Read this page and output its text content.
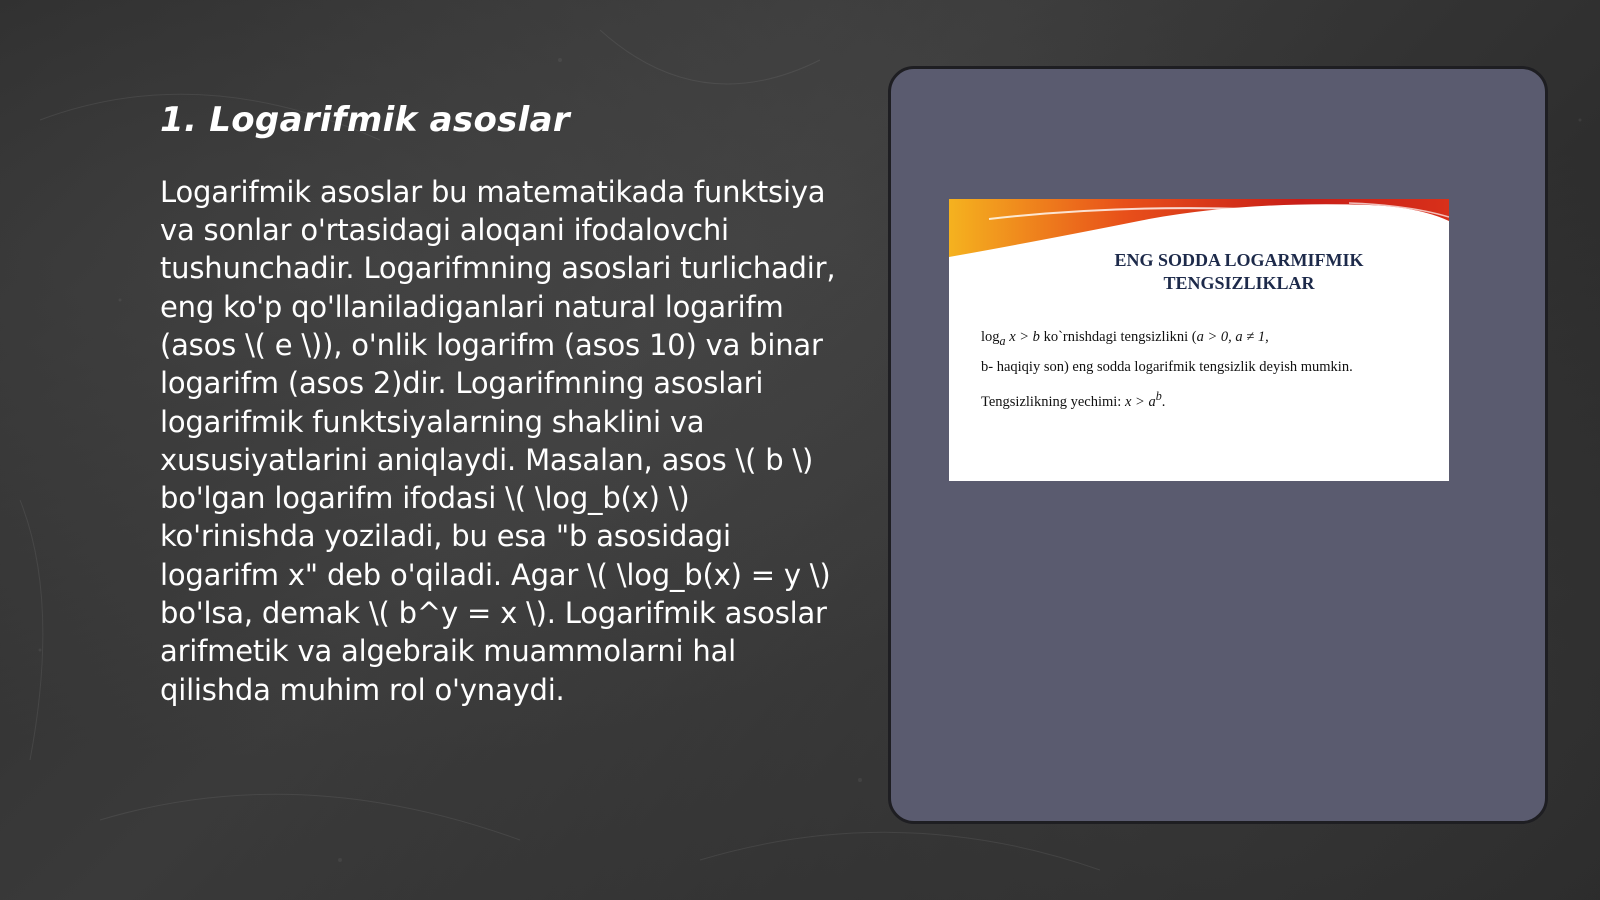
1. Logarifmik asoslar

Logarifmik asoslar bu matematikada funktsiya va sonlar o'rtasidagi aloqani ifodalovchi tushunchadir. Logarifmning asoslari turlichadir, eng ko'p qo'llaniladiganlari natural logarifm (asos \( e \)), o'nlik logarifm (asos 10) va binar logarifm (asos 2)dir. Logarifmning asoslari logarifmik funktsiyalarning shaklini va xususiyatlarini aniqlaydi. Masalan, asos \( b \) bo'lgan logarifm ifodasi \( \log_b(x) \) ko'rinishda yoziladi, bu esa "b asosidagi logarifm x" deb o'qiladi. Agar \( \log_b(x) = y \) bo'lsa, demak \( b^y = x \). Logarifmik asoslar arifmetik va algebraik muammolarni hal qilishda muhim rol o'ynaydi.

ENG SODDA LOGARMIFMIK
TENGSIZLIKLAR

$\log_a x > b$ ko`rnishdagi tengsizlikni (a > 0, a ≠ 1,
b- haqiqiy son) eng sodda logarifmik tengsizlik deyish mumkin.
Tengsizlikning yechimi: $x > a^b$.
